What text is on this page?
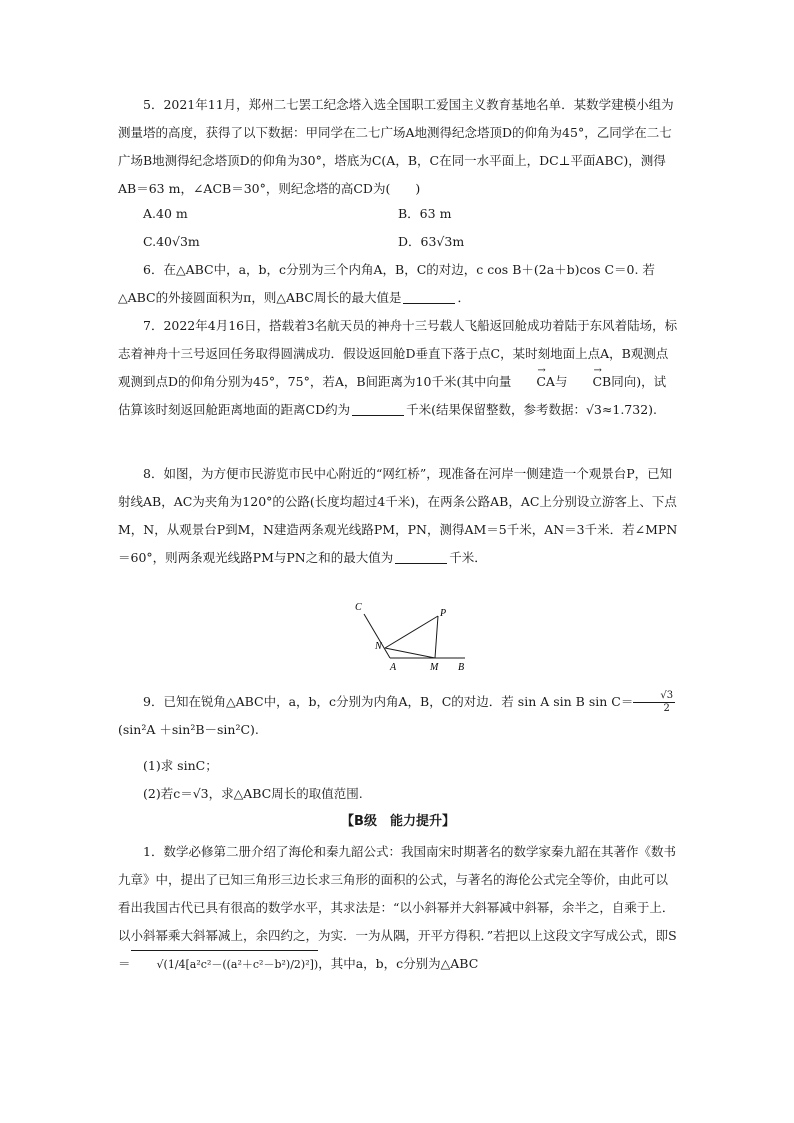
5．2021年11月，郑州二七罢工纪念塔入选全国职工爱国主义教育基地名单．某数学建模小组为测量塔的高度，获得了以下数据：甲同学在二七广场A地测得纪念塔顶D的仰角为45°，乙同学在二七广场B地测得纪念塔顶D的仰角为30°，塔底为C(A，B，C在同一水平面上，DC⊥平面ABC)，测得AB＝63 m，∠ACB＝30°，则纪念塔的高CD为(　　)

A.40 m	B．63 m
C.40√3m	D．63√3m

6．在△ABC中，a，b，c分别为三个内角A，B，C的对边，c cos B＋(2a＋b)cos C＝0. 若△ABC的外接圆面积为π，则△ABC周长的最大值是	．

7．2022年4月16日，搭载着3名航天员的神舟十三号载人飞船返回舱成功着陆于东风着陆场，标志着神舟十三号返回任务取得圆满成功．假设返回舱D垂直下落于点C，某时刻地面上点A，B观测点观测到点D的仰角分别为45°，75°，若A，B间距离为10千米(其中向量 → CA与 → CB同向)，试估算该时刻返回舱距离地面的距离CD约为	千米(结果保留整数，参考数据：√3≈1.732).

8．如图，为方便市民游览市民中心附近的“网红桥”，现准备在河岸一侧建造一个观景台P，已知射线AB，AC为夹角为120°的公路(长度均超过4千米)，在两条公路AB，AC上分别设立游客上、下点M，N，从观景台P到M，N建造两条观光线路PM，PN，测得AM＝5千米，AN＝3千米．若∠MPN＝60°，则两条观光线路PM与PN之和的最大值为	千米．

C
P
N
A	M B

9．已知在锐角△ABC中，a，b，c分别为内角A，B，C的对边．若 sin A sin B $\sin C= \frac{√3}{2}$
(sin²A ＋sin²B－sin²C).

(1)求 sinC；
(2)若c＝√3，求△ABC周长的取值范围.
【B级　能力提升】

1．数学必修第二册介绍了海伦和秦九韶公式：我国南宋时期著名的数学家秦九韶在其著作《数书九章》中，提出了已知三角形三边长求三角形的面积的公式，与著名的海伦公式完全等价，由此可以看出我国古代已具有很高的数学水平，其求法是：“以小斜幂并大斜幂减中斜幂，余半之，自乘于上．以小斜幂乘大斜幂减上，余四约之，为实．一为从隅，开平方得积．”若把以上这段文字写成公式，即S＝ √(1/4[a²c²－((a²＋c²－b²)/2)²])，其中a，b，c分别为△ABC
